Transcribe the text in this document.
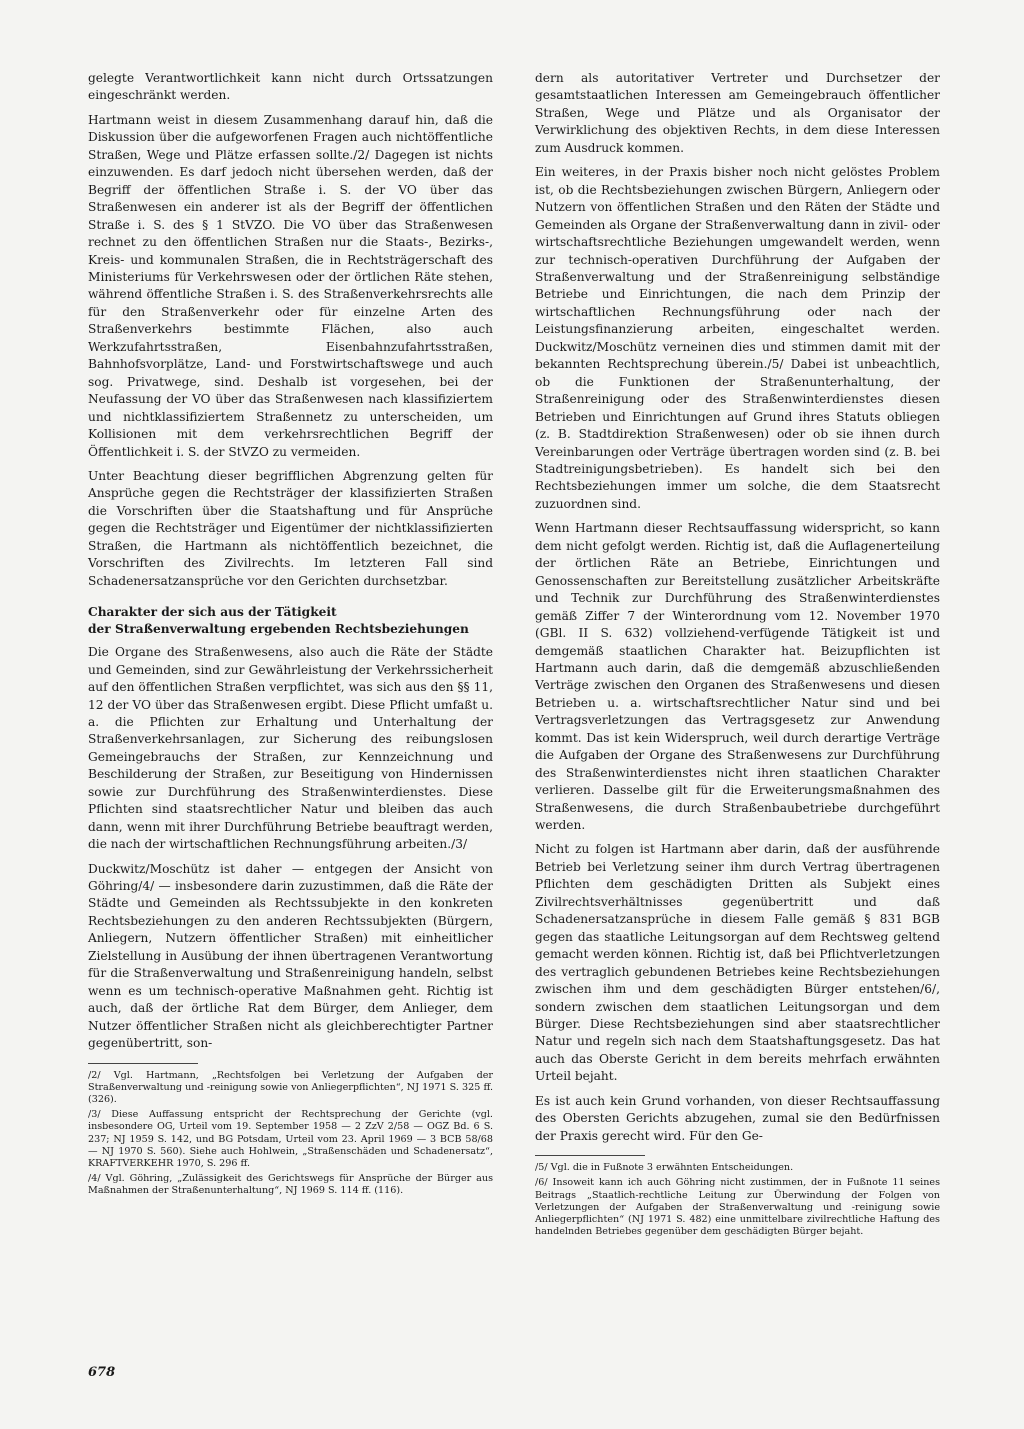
gelegte Verantwortlichkeit kann nicht durch Ortssatzungen eingeschränkt werden.

Hartmann weist in diesem Zusammenhang darauf hin, daß die Diskussion über die aufgeworfenen Fragen auch nichtöffentliche Straßen, Wege und Plätze erfassen sollte./2/ Dagegen ist nichts einzuwenden. Es darf jedoch nicht übersehen werden, daß der Begriff der öffentlichen Straße i. S. der VO über das Straßenwesen ein anderer ist als der Begriff der öffentlichen Straße i. S. des § 1 StVZO. Die VO über das Straßenwesen rechnet zu den öffentlichen Straßen nur die Staats-, Bezirks-, Kreis- und kommunalen Straßen, die in Rechtsträgerschaft des Ministeriums für Verkehrswesen oder der örtlichen Räte stehen, während öffentliche Straßen i. S. des Straßenverkehrsrechts alle für den Straßenverkehr oder für einzelne Arten des Straßenverkehrs bestimmte Flächen, also auch Werkzufahrtsstraßen, Eisenbahnzufahrtsstraßen, Bahnhofsvorplätze, Land- und Forstwirtschaftswege und auch sog. Privatwege, sind. Deshalb ist vorgesehen, bei der Neufassung der VO über das Straßenwesen nach klassifiziertem und nichtklassifiziertem Straßennetz zu unterscheiden, um Kollisionen mit dem verkehrsrechtlichen Begriff der Öffentlichkeit i. S. der StVZO zu vermeiden.

Unter Beachtung dieser begrifflichen Abgrenzung gelten für Ansprüche gegen die Rechtsträger der klassifizierten Straßen die Vorschriften über die Staatshaftung und für Ansprüche gegen die Rechtsträger und Eigentümer der nichtklassifizierten Straßen, die Hartmann als nichtöffentlich bezeichnet, die Vorschriften des Zivilrechts. Im letzteren Fall sind Schadenersatzansprüche vor den Gerichten durchsetzbar.

Charakter der sich aus der Tätigkeit
der Straßenverwaltung ergebenden Rechtsbeziehungen

Die Organe des Straßenwesens, also auch die Räte der Städte und Gemeinden, sind zur Gewährleistung der Verkehrssicherheit auf den öffentlichen Straßen verpflichtet, was sich aus den §§ 11, 12 der VO über das Straßenwesen ergibt. Diese Pflicht umfaßt u. a. die Pflichten zur Erhaltung und Unterhaltung der Straßenverkehrsanlagen, zur Sicherung des reibungslosen Gemeingebrauchs der Straßen, zur Kennzeichnung und Beschilderung der Straßen, zur Beseitigung von Hindernissen sowie zur Durchführung des Straßenwinterdienstes. Diese Pflichten sind staatsrechtlicher Natur und bleiben das auch dann, wenn mit ihrer Durchführung Betriebe beauftragt werden, die nach der wirtschaftlichen Rechnungsführung arbeiten./3/

Duckwitz/Moschütz ist daher — entgegen der Ansicht von Göhring/4/ — insbesondere darin zuzustimmen, daß die Räte der Städte und Gemeinden als Rechtssubjekte in den konkreten Rechtsbeziehungen zu den anderen Rechtssubjekten (Bürgern, Anliegern, Nutzern öffentlicher Straßen) mit einheitlicher Zielstellung in Ausübung der ihnen übertragenen Verantwortung für die Straßenverwaltung und Straßenreinigung handeln, selbst wenn es um technisch-operative Maßnahmen geht. Richtig ist auch, daß der örtliche Rat dem Bürger, dem Anlieger, dem Nutzer öffentlicher Straßen nicht als gleichberechtigter Partner gegenübertritt, son-

/2/ Vgl. Hartmann, „Rechtsfolgen bei Verletzung der Aufgaben der Straßenverwaltung und -reinigung sowie von Anliegerpflichten“, NJ 1971 S. 325 ff. (326).

/3/ Diese Auffassung entspricht der Rechtsprechung der Gerichte (vgl. insbesondere OG, Urteil vom 19. September 1958 — 2 ZzV 2/58 — OGZ Bd. 6 S. 237; NJ 1959 S. 142, und BG Potsdam, Urteil vom 23. April 1969 — 3 BCB 58/68 — NJ 1970 S. 560). Siehe auch Hohlwein, „Straßenschäden und Schadenersatz“, KRAFTVERKEHR 1970, S. 296 ff.

/4/ Vgl. Göhring, „Zulässigkeit des Gerichtswegs für Ansprüche der Bürger aus Maßnahmen der Straßenunterhaltung“, NJ 1969 S. 114 ff. (116).

dern als autoritativer Vertreter und Durchsetzer der gesamtstaatlichen Interessen am Gemeingebrauch öffentlicher Straßen, Wege und Plätze und als Organisator der Verwirklichung des objektiven Rechts, in dem diese Interessen zum Ausdruck kommen.

Ein weiteres, in der Praxis bisher noch nicht gelöstes Problem ist, ob die Rechtsbeziehungen zwischen Bürgern, Anliegern oder Nutzern von öffentlichen Straßen und den Räten der Städte und Gemeinden als Organe der Straßenverwaltung dann in zivil- oder wirtschaftsrechtliche Beziehungen umgewandelt werden, wenn zur technisch-operativen Durchführung der Aufgaben der Straßenverwaltung und der Straßenreinigung selbständige Betriebe und Einrichtungen, die nach dem Prinzip der wirtschaftlichen Rechnungsführung oder nach der Leistungsfinanzierung arbeiten, eingeschaltet werden. Duckwitz/Moschütz verneinen dies und stimmen damit mit der bekannten Rechtsprechung überein./5/ Dabei ist unbeachtlich, ob die Funktionen der Straßenunterhaltung, der Straßenreinigung oder des Straßenwinterdienstes diesen Betrieben und Einrichtungen auf Grund ihres Statuts obliegen (z. B. Stadtdirektion Straßenwesen) oder ob sie ihnen durch Vereinbarungen oder Verträge übertragen worden sind (z. B. bei Stadtreinigungsbetrieben). Es handelt sich bei den Rechtsbeziehungen immer um solche, die dem Staatsrecht zuzuordnen sind.

Wenn Hartmann dieser Rechtsauffassung widerspricht, so kann dem nicht gefolgt werden. Richtig ist, daß die Auflagenerteilung der örtlichen Räte an Betriebe, Einrichtungen und Genossenschaften zur Bereitstellung zusätzlicher Arbeitskräfte und Technik zur Durchführung des Straßenwinterdienstes gemäß Ziffer 7 der Winterordnung vom 12. November 1970 (GBl. II S. 632) vollziehend-verfügende Tätigkeit ist und demgemäß staatlichen Charakter hat. Beizupflichten ist Hartmann auch darin, daß die demgemäß abzuschließenden Verträge zwischen den Organen des Straßenwesens und diesen Betrieben u. a. wirtschaftsrechtlicher Natur sind und bei Vertragsverletzungen das Vertragsgesetz zur Anwendung kommt. Das ist kein Widerspruch, weil durch derartige Verträge die Aufgaben der Organe des Straßenwesens zur Durchführung des Straßenwinterdienstes nicht ihren staatlichen Charakter verlieren. Dasselbe gilt für die Erweiterungsmaßnahmen des Straßenwesens, die durch Straßenbaubetriebe durchgeführt werden.

Nicht zu folgen ist Hartmann aber darin, daß der ausführende Betrieb bei Verletzung seiner ihm durch Vertrag übertragenen Pflichten dem geschädigten Dritten als Subjekt eines Zivilrechtsverhältnisses gegenübertritt und daß Schadenersatzansprüche in diesem Falle gemäß § 831 BGB gegen das staatliche Leitungsorgan auf dem Rechtsweg geltend gemacht werden können. Richtig ist, daß bei Pflichtverletzungen des vertraglich gebundenen Betriebes keine Rechtsbeziehungen zwischen ihm und dem geschädigten Bürger entstehen/6/, sondern zwischen dem staatlichen Leitungsorgan und dem Bürger. Diese Rechtsbeziehungen sind aber staatsrechtlicher Natur und regeln sich nach dem Staatshaftungsgesetz. Das hat auch das Oberste Gericht in dem bereits mehrfach erwähnten Urteil bejaht.

Es ist auch kein Grund vorhanden, von dieser Rechtsauffassung des Obersten Gerichts abzugehen, zumal sie den Bedürfnissen der Praxis gerecht wird. Für den Ge-

/5/ Vgl. die in Fußnote 3 erwähnten Entscheidungen.

/6/ Insoweit kann ich auch Göhring nicht zustimmen, der in Fußnote 11 seines Beitrags „Staatlich-rechtliche Leitung zur Überwindung der Folgen von Verletzungen der Aufgaben der Straßenverwaltung und -reinigung sowie Anliegerpflichten“ (NJ 1971 S. 482) eine unmittelbare zivilrechtliche Haftung des handelnden Betriebes gegenüber dem geschädigten Bürger bejaht.

678
